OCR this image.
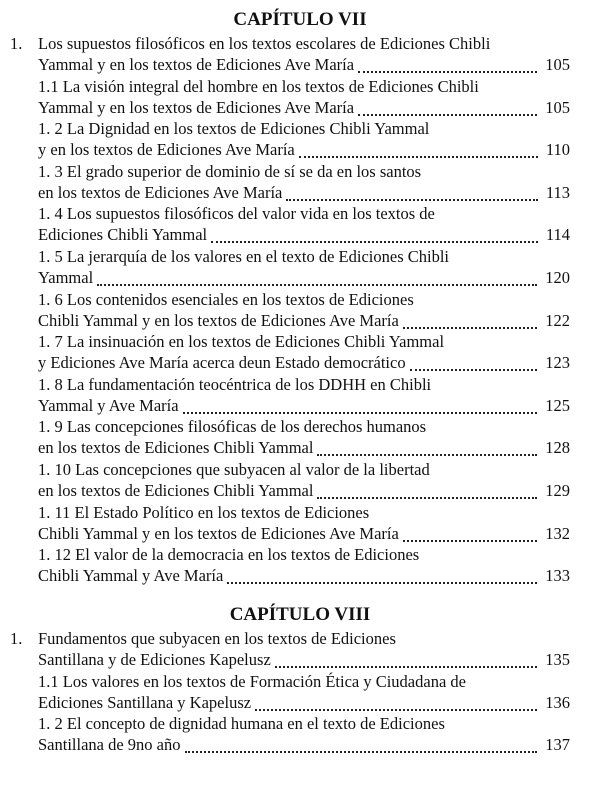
CAPÍTULO VII
1. Los supuestos filosóficos en los textos escolares de Ediciones Chibli
Yammal y en los textos de Ediciones Ave María	105
1.1 La visión integral del hombre en los textos de Ediciones Chibli
Yammal y en los textos de Ediciones Ave María	105
1. 2 La Dignidad en los textos de Ediciones Chibli Yammal
y en los textos de Ediciones Ave María	110
1. 3 El grado superior de dominio de sí se da en los santos
en los textos de Ediciones Ave María	113
1. 4 Los supuestos filosóficos del valor vida en los textos de
Ediciones Chibli Yammal	114
1. 5 La jerarquía de los valores en el texto de Ediciones Chibli
Yammal	120
1. 6 Los contenidos esenciales en los textos de Ediciones
Chibli Yammal y en los textos de Ediciones Ave María	122
1. 7 La insinuación en los textos de Ediciones Chibli Yammal
y Ediciones Ave María acerca deun Estado democrático	123
1. 8 La fundamentación teocéntrica de los DDHH en Chibli
Yammal y Ave María	125
1. 9 Las concepciones filosóficas de los derechos humanos
en los textos de Ediciones Chibli Yammal	128
1. 10 Las concepciones que subyacen al valor de la libertad
en los textos de Ediciones Chibli Yammal	129
1. 11 El Estado Político en los textos de Ediciones
Chibli Yammal y en los textos de Ediciones Ave María	132
1. 12 El valor de la democracia en los textos de Ediciones
Chibli Yammal y Ave María	133
CAPÍTULO VIII
1. Fundamentos que subyacen en los textos de Ediciones
Santillana y de Ediciones Kapelusz	135
1.1 Los valores en los textos de Formación Ética y Ciudadana de
Ediciones Santillana y Kapelusz	136
1. 2 El concepto de dignidad humana en el texto de Ediciones
Santillana de 9no año	137
